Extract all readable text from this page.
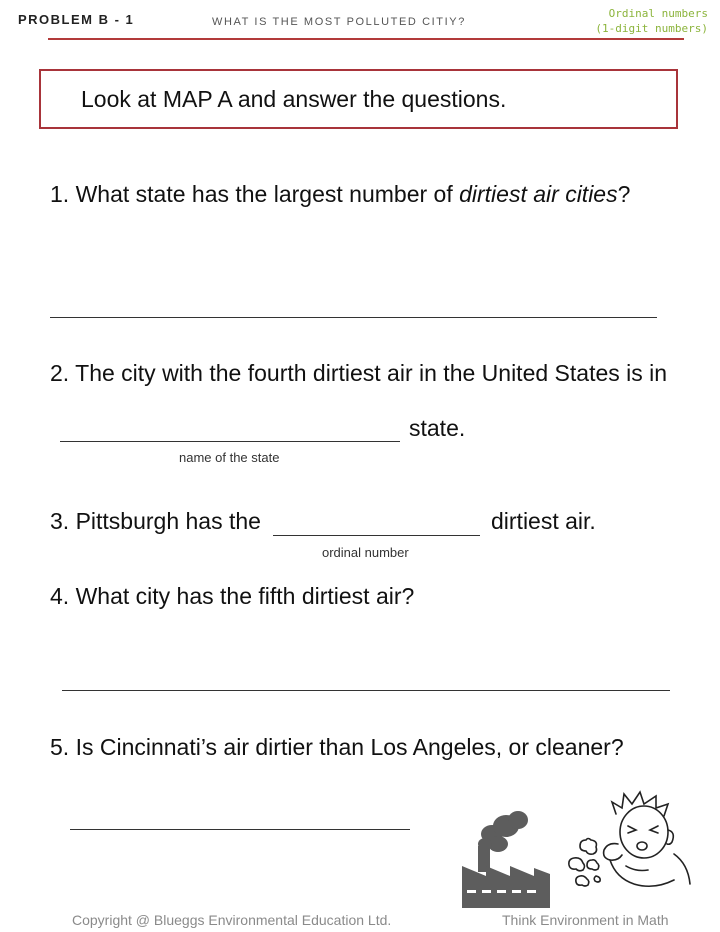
PROBLEM B - 1	WHAT IS THE MOST POLLUTED CITIY?
Ordinal numbers
(1-digit numbers)
Look at MAP A and answer the questions.
1. What state has the largest number of dirtiest air cities?
2. The city with the fourth dirtiest air in the United States is in
state.
name of the state
3. Pittsburgh has the	dirtiest air.
ordinal number
4. What city has the fifth dirtiest air?
5. Is Cincinnati’s air dirtier than Los Angeles, or cleaner?
Copyright @ Blueggs Environmental Education Ltd.	Think Environment in Math
